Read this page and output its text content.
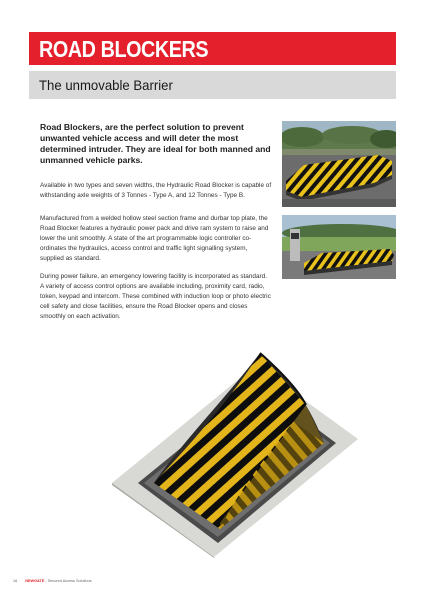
ROAD BLOCKERS
The unmovable Barrier
Road Blockers, are the perfect solution to prevent unwanted vehicle access and will deter the most determined intruder. They are ideal for both manned and unmanned vehicle parks.
Available in two types and seven widths, the Hydraulic Road Blocker is capable of withstanding axle weights of 3 Tonnes - Type A, and 12 Tonnes - Type B.
Manufactured from a welded hollow steel section frame and durbar top plate, the Road Blocker features a hydraulic power pack and drive ram system to raise and lower the unit smoothly. A state of the art programmable logic controller co-ordinates the hydraulics, access control and traffic light signalling system, supplied as standard.
During power failure, an emergency lowering facility is incorporated as standard. A variety of access control options are available including, proximity card, radio, token, keypad and intercom. These combined with induction loop or photo electric cell safety and close facilities, ensure the Road Blocker opens and closes smoothly on each activation.
16 NEWGATE - Secured Access Solutions
